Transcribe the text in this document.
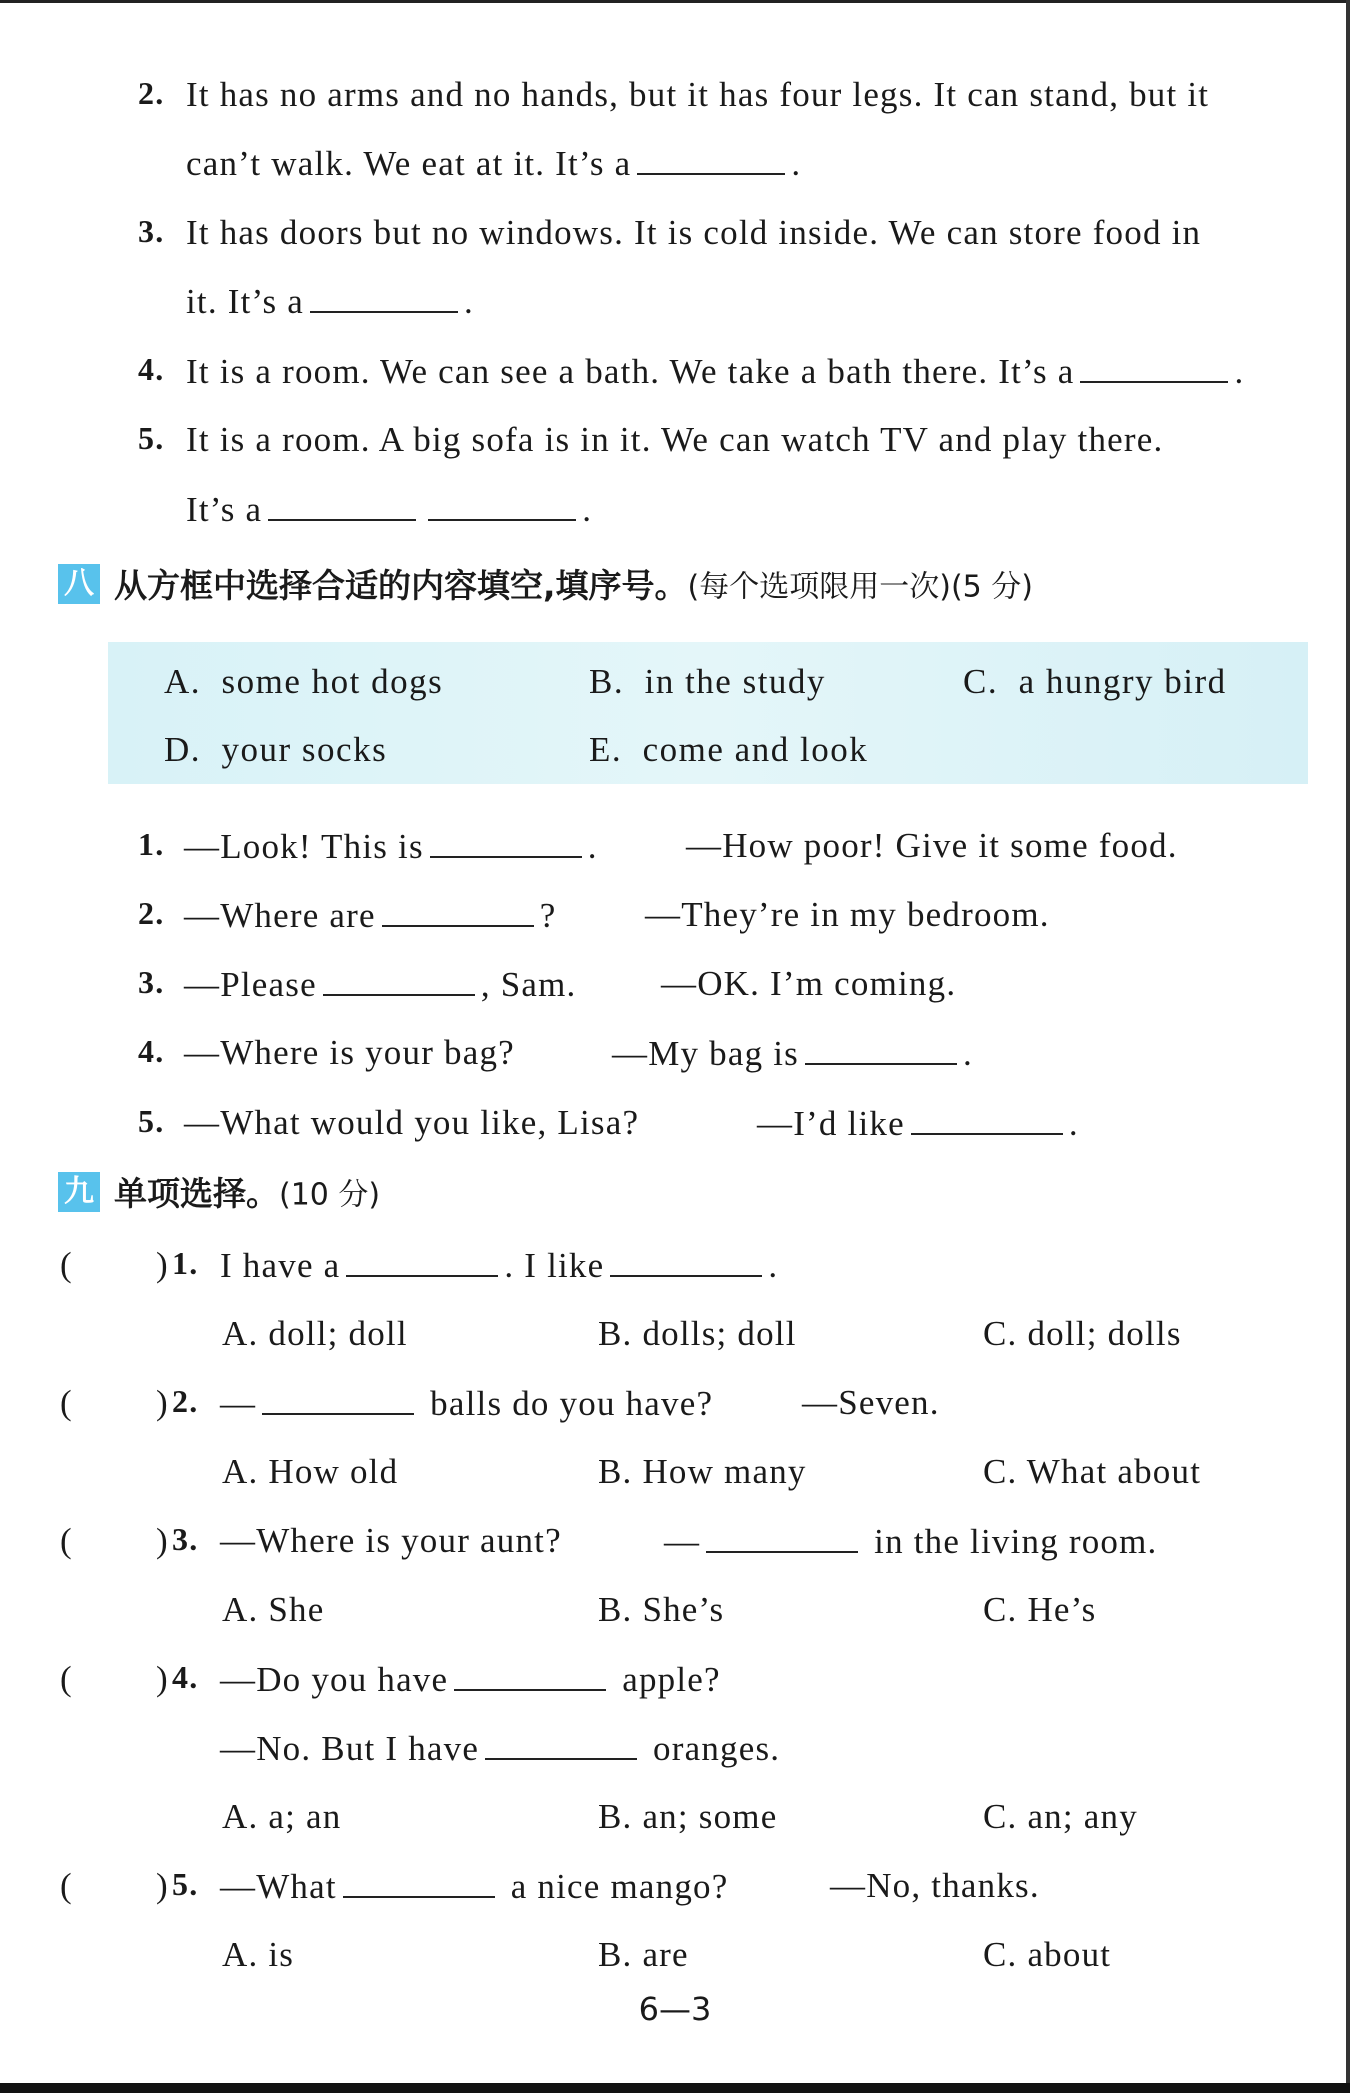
2. It has no arms and no hands, but it has four legs. It can stand, but it
can’t walk. We eat at it. It’s a	.
3. It has doors but no windows. It is cold inside. We can store food in
it. It’s a	.
4. It is a room. We can see a bath. We take a bath there. It’s a	.
5. It is a room. A big sofa is in it. We can watch TV and play there.
It’s a	.
八 从方框中选择合适的内容填空,填序号。(每个选项限用一次)(5 分)
A. some hot dogs	B. in the study	C. a hungry bird
D. your socks	E. come and look
1. —Look! This is	.	—How poor! Give it some food.
2. —Where are	?	—They’re in my bedroom.
3. —Please	, Sam. —OK. I’m coming.
4. —Where is your bag?	—My bag is	.
5. —What would you like, Lisa?	—I’d like	.
九 单项选择。(10 分)
( ) 1. I have a	. I like	.
A. doll; doll	B. dolls; doll	C. doll; dolls
( ) 2. —	balls do you have?	—Seven.
A. How old	B. How many	C. What about
( ) 3. —Where is your aunt?	—	in the living room.
A. She	B. She’s	C. He’s
( ) 4. —Do you have	apple?
—No. But I have	oranges.
A. a; an	B. an; some	C. an; any
( ) 5. —What	a nice mango?	—No, thanks.
A. is	B. are	C. about
6—3
